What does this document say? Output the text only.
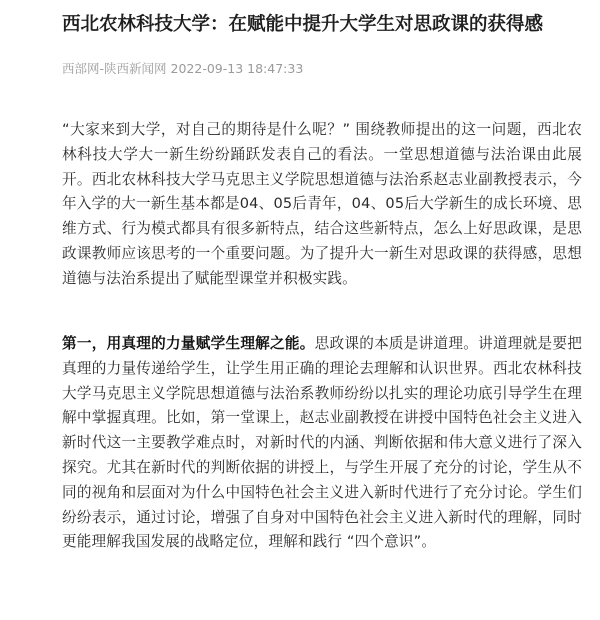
西北农林科技大学：在赋能中提升大学生对思政课的获得感
西部网-陕西新闻网 2022-09-13 18:47:33

“大家来到大学，对自己的期待是什么呢？” 围绕教师提出的这一问题，西北农林科技大学大一新生纷纷踊跃发表自己的看法。一堂思想道德与法治课由此展开。西北农林科技大学马克思主义学院思想道德与法治系赵志业副教授表示，今年入学的大一新生基本都是04、05后青年，04、05后大学新生的成长环境、思维方式、行为模式都具有很多新特点，结合这些新特点，怎么上好思政课，是思政课教师应该思考的一个重要问题。为了提升大一新生对思政课的获得感，思想道德与法治系提出了赋能型课堂并积极实践。

第一，用真理的力量赋学生理解之能。思政课的本质是讲道理。讲道理就是要把真理的力量传递给学生，让学生用正确的理论去理解和认识世界。西北农林科技大学马克思主义学院思想道德与法治系教师纷纷以扎实的理论功底引导学生在理解中掌握真理。比如，第一堂课上，赵志业副教授在讲授中国特色社会主义进入新时代这一主要教学难点时，对新时代的内涵、判断依据和伟大意义进行了深入探究。尤其在新时代的判断依据的讲授上，与学生开展了充分的讨论，学生从不同的视角和层面对为什么中国特色社会主义进入新时代进行了充分讨论。学生们纷纷表示，通过讨论，增强了自身对中国特色社会主义进入新时代的理解，同时更能理解我国发展的战略定位，理解和践行 “四个意识”。
